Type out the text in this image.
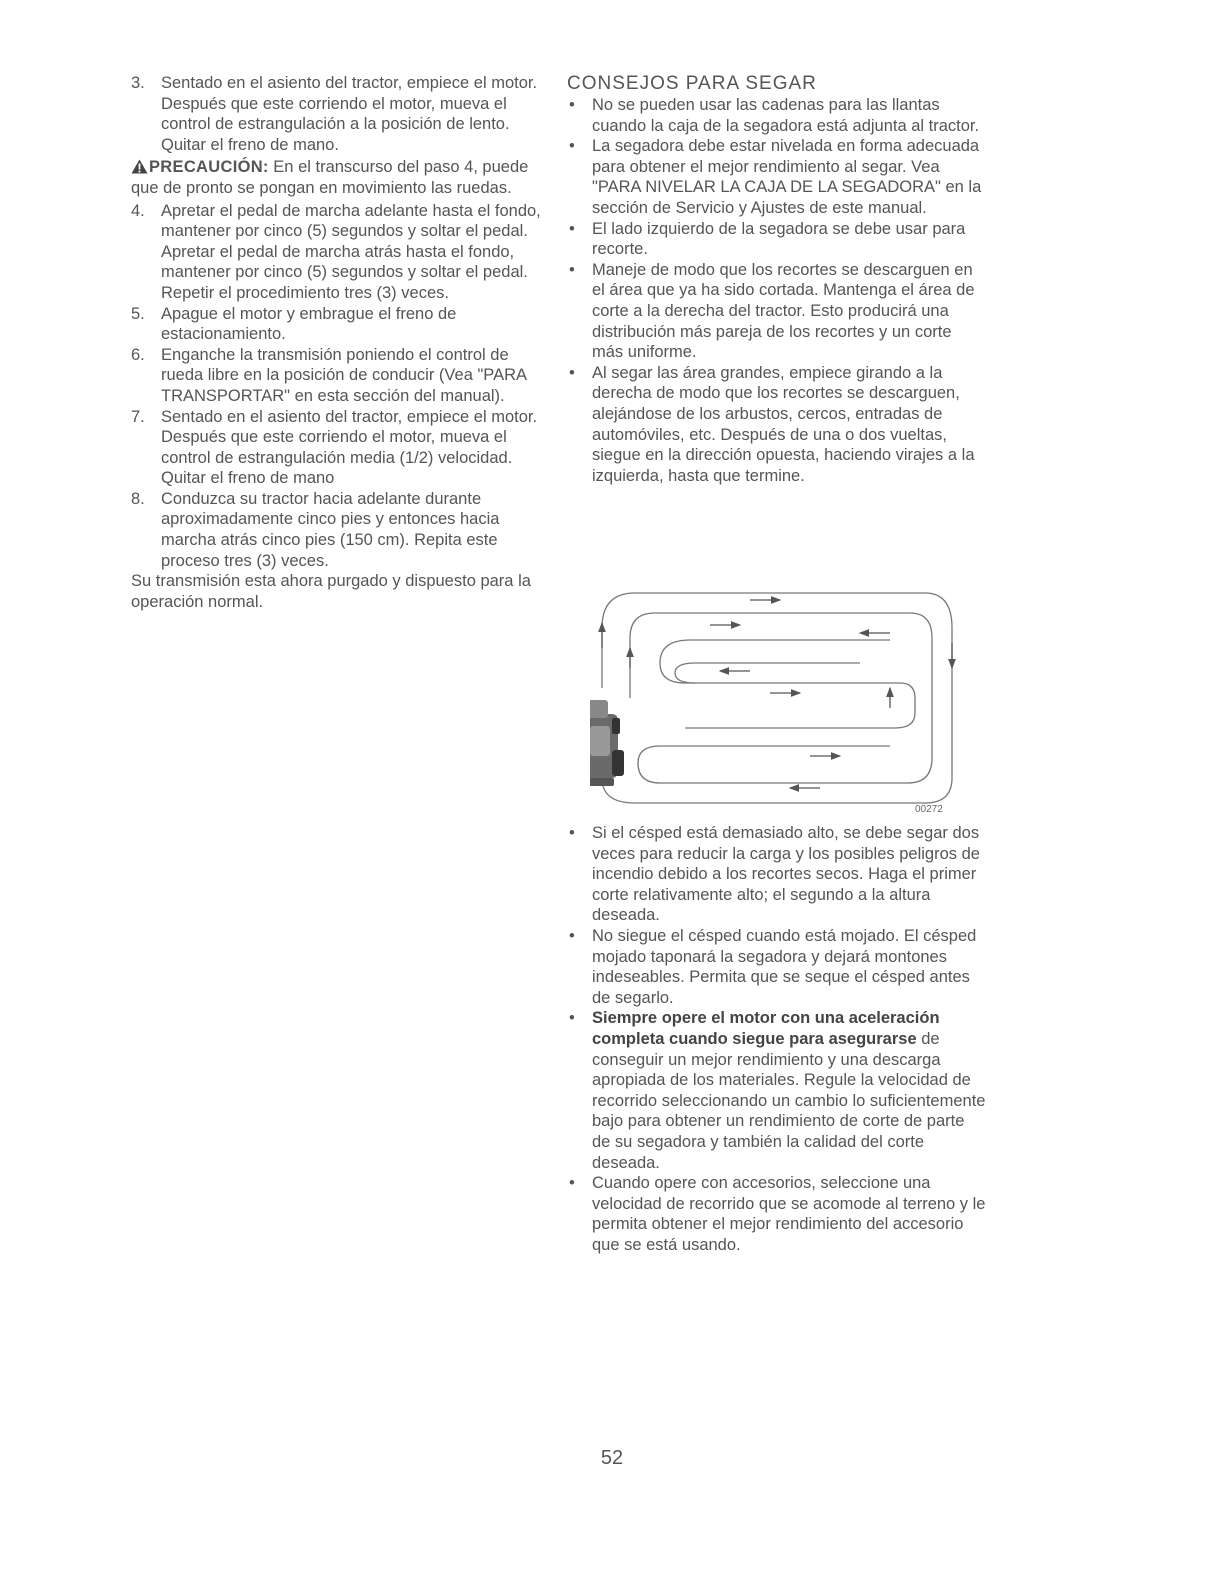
3. Sentado en el asiento del tractor, empiece el motor. Después que este corriendo el motor, mueva el control de estrangulación a la posición de lento. Quitar el freno de mano.
PRECAUCIÓN: En el transcurso del paso 4, puede que de pronto se pongan en movimiento las ruedas.
4. Apretar el pedal de marcha adelante hasta el fondo, mantener por cinco (5) segundos y soltar el pedal. Apretar el pedal de marcha atrás hasta el fondo, mantener por cinco (5) segundos y soltar el pedal. Repetir el procedimiento tres (3) veces.
5. Apague el motor y embrague el freno de estacionamiento.
6. Enganche la transmisión poniendo el control de rueda libre en la posición de conducir (Vea "PARA TRANSPORTAR" en esta sección del manual).
7. Sentado en el asiento del tractor, empiece el motor. Después que este corriendo el motor, mueva el control de estrangulación media (1/2) velocidad. Quitar el freno de mano
8. Conduzca su tractor hacia adelante durante aproximadamente cinco pies y entonces hacia marcha atrás cinco pies (150 cm). Repita este proceso tres (3) veces.

Su transmisión esta ahora purgado y dispuesto para la operación normal.

CONSEJOS PARA SEGAR
•	No se pueden usar las cadenas para las llantas cuando la caja de la segadora está adjunta al tractor.
•	La segadora debe estar nivelada en forma adecuada para obtener el mejor rendimiento al segar. Vea "PARA NIVELAR LA CAJA DE LA SEGADORA" en la sección de Servicio y Ajustes de este manual.
•	El lado izquierdo de la segadora se debe usar para recorte.
•	Maneje de modo que los recortes se descarguen en el área que ya ha sido cortada. Mantenga el área de corte a la derecha del tractor. Esto producirá una distribución más pareja de los recortes y un corte más uniforme.
•	Al segar las área grandes, empiece girando a la derecha de modo que los recortes se descarguen, alejándose de los arbustos, cercos, entradas de automóviles, etc. Después de una o dos vueltas, siegue en la dirección opuesta, haciendo virajes a la izquierda, hasta que termine.
00272
•	Si el césped está demasiado alto, se debe segar dos veces para reducir la carga y los posibles peligros de incendio debido a los recortes secos. Haga el primer corte relativamente alto; el segundo a la altura deseada.
•	No siegue el césped cuando está mojado. El césped mojado taponará la segadora y dejará montones indeseables. Permita que se seque el césped antes de segarlo.
•	Siempre opere el motor con una aceleración completa cuando siegue para asegurarse de conseguir un mejor rendimiento y una descarga apropiada de los materiales. Regule la velocidad de recorrido seleccionando un cambio lo suficientemente bajo para obtener un rendimiento de corte de parte de su segadora y también la calidad del corte deseada.
•	Cuando opere con accesorios, seleccione una velocidad de recorrido que se acomode al terreno y le permita obtener el mejor rendimiento del accesorio que se está usando.
52
